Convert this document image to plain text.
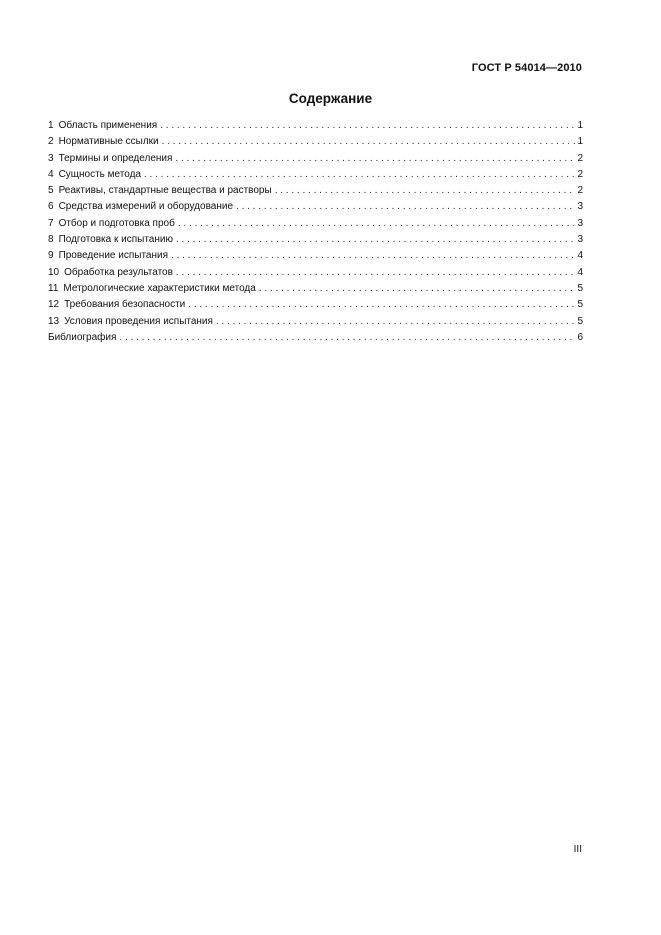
ГОСТ Р 54014—2010
Содержание
1 Область применения . . .	1
2 Нормативные ссылки . . .	1
3 Термины и определения . . .	2
4 Сущность метода . . .	2
5 Реактивы, стандартные вещества и растворы . . .	2
6 Средства измерений и оборудование . . .	3
7 Отбор и подготовка проб . . .	3
8 Подготовка к испытанию . . .	3
9 Проведение испытания . . .	4
10 Обработка результатов . . .	4
11 Метрологические характеристики метода . . .	5
12 Требования безопасности . . .	5
13 Условия проведения испытания . . .	5
Библиография . . .	6
III
